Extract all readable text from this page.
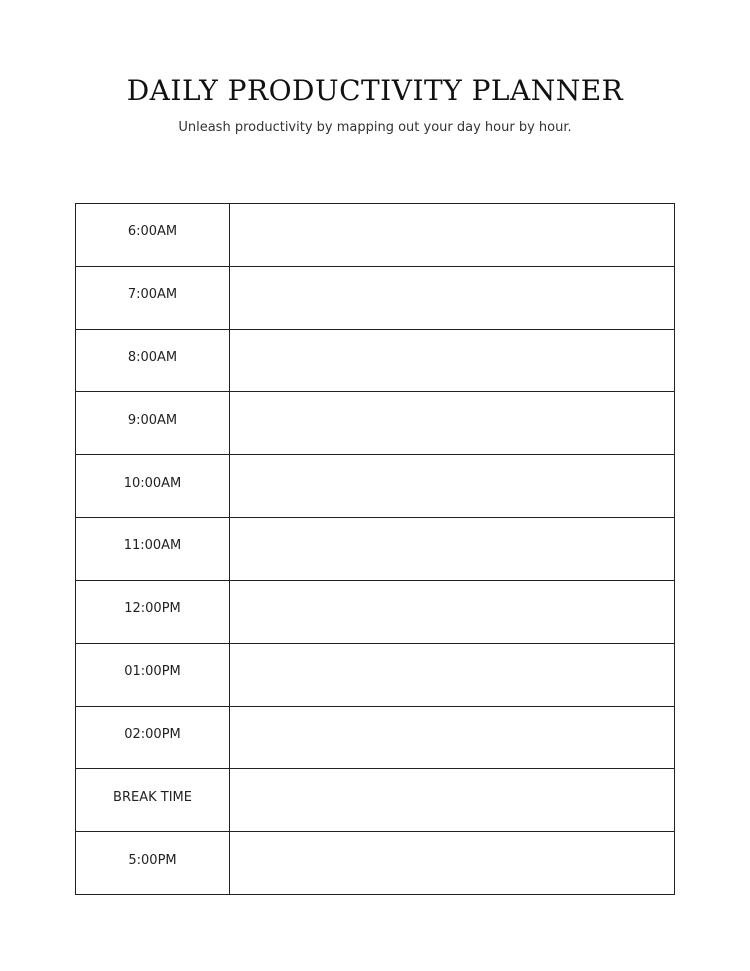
DAILY PRODUCTIVITY PLANNER

Unleash productivity by mapping out your day hour by hour.

6:00AM
7:00AM
8:00AM
9:00AM
10:00AM
11:00AM
12:00PM
01:00PM
02:00PM
BREAK TIME
5:00PM
